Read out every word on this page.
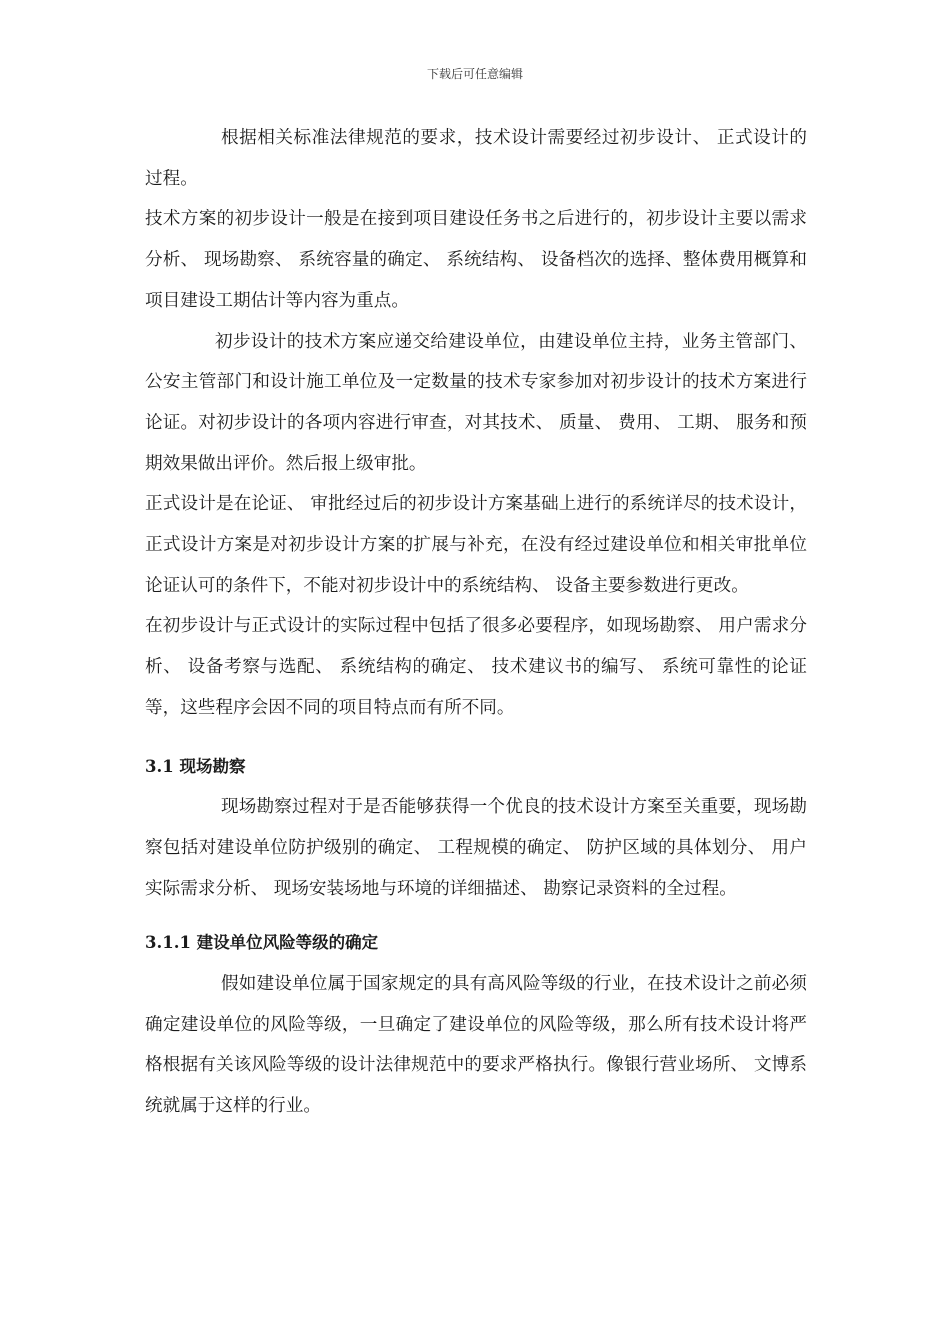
下载后可任意编辑

根据相关标准法律规范的要求，技术设计需要经过初步设计、 正式设计的过程。

技术方案的初步设计一般是在接到项目建设任务书之后进行的，初步设计主要以需求分析、 现场勘察、 系统容量的确定、 系统结构、 设备档次的选择、整体费用概算和项目建设工期估计等内容为重点。

初步设计的技术方案应递交给建设单位，由建设单位主持，业务主管部门、 公安主管部门和设计施工单位及一定数量的技术专家参加对初步设计的技术方案进行论证。对初步设计的各项内容进行审查，对其技术、 质量、 费用、 工期、 服务和预期效果做出评价。然后报上级审批。

正式设计是在论证、 审批经过后的初步设计方案基础上进行的系统详尽的技术设计，正式设计方案是对初步设计方案的扩展与补充，在没有经过建设单位和相关审批单位论证认可的条件下，不能对初步设计中的系统结构、 设备主要参数进行更改。

在初步设计与正式设计的实际过程中包括了很多必要程序，如现场勘察、 用户需求分析、 设备考察与选配、 系统结构的确定、 技术建议书的编写、 系统可靠性的论证等，这些程序会因不同的项目特点而有所不同。

3.1 现场勘察

现场勘察过程对于是否能够获得一个优良的技术设计方案至关重要，现场勘察包括对建设单位防护级别的确定、 工程规模的确定、 防护区域的具体划分、 用户实际需求分析、 现场安装场地与环境的详细描述、 勘察记录资料的全过程。

3.1.1 建设单位风险等级的确定

假如建设单位属于国家规定的具有高风险等级的行业，在技术设计之前必须确定建设单位的风险等级，一旦确定了建设单位的风险等级，那么所有技术设计将严格根据有关该风险等级的设计法律规范中的要求严格执行。像银行营业场所、 文博系统就属于这样的行业。
